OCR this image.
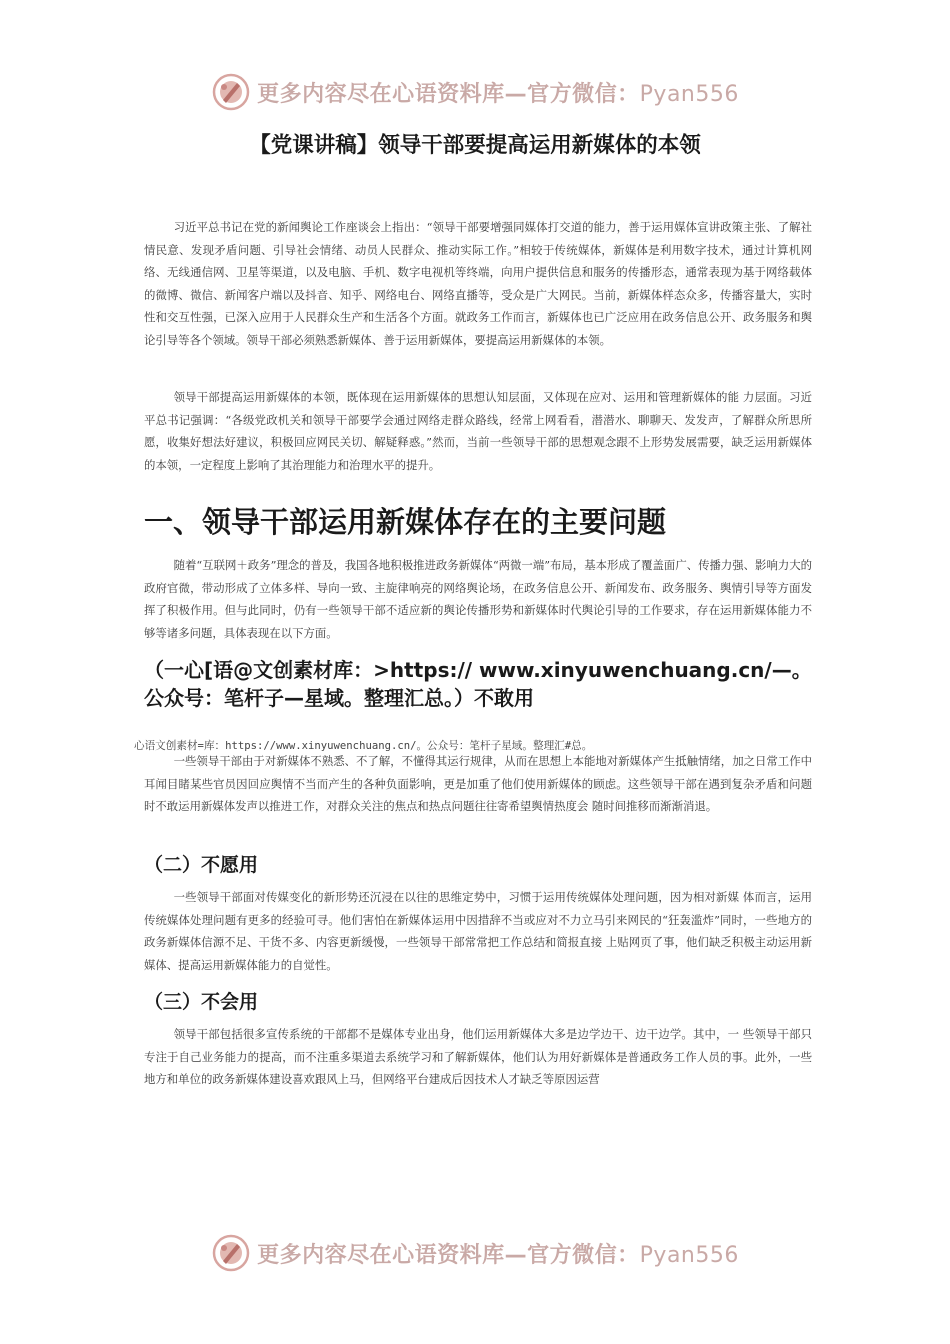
更多内容尽在心语资料库—官方微信：Pyan556
【党课讲稿】领导干部要提高运用新媒体的本领

习近平总书记在党的新闻舆论工作座谈会上指出：“领导干部要增强同媒体打交道的能力，善于运用媒体宣讲政策主张、了解社情民意、发现矛盾问题、引导社会情绪、动员人民群众、推动实际工作。”相较于传统媒体，新媒体是利用数字技术，通过计算机网络、无线通信网、卫星等渠道，以及电脑、手机、数字电视机等终端，向用户提供信息和服务的传播形态，通常表现为基于网络载体的微博、微信、新闻客户端以及抖音、知乎、网络电台、网络直播等，受众是广大网民。当前，新媒体样态众多，传播容量大，实时性和交互性强，已深入应用于人民群众生产和生活各个方面。就政务工作而言，新媒体也已广泛应用在政务信息公开、政务服务和舆论引导等各个领域。领导干部必须熟悉新媒体、善于运用新媒体，要提高运用新媒体的本领。

领导干部提高运用新媒体的本领，既体现在运用新媒体的思想认知层面，又体现在应对、运用和管理新媒体的能 力层面。习近平总书记强调：“各级党政机关和领导干部要学会通过网络走群众路线，经常上网看看，潜潜水、聊聊天、发发声，了解群众所思所愿，收集好想法好建议，积极回应网民关切、解疑释惑。”然而，当前一些领导干部的思想观念跟不上形势发展需要，缺乏运用新媒体的本领，一定程度上影响了其治理能力和治理水平的提升。

一、领导干部运用新媒体存在的主要问题

随着“互联网＋政务”理念的普及，我国各地积极推进政务新媒体“两微一端”布局，基本形成了覆盖面广、传播力强、影响力大的政府官微，带动形成了立体多样、导向一致、主旋律响亮的网络舆论场，在政务信息公开、新闻发布、政务服务、舆情引导等方面发挥了积极作用。但与此同时，仍有一些领导干部不适应新的舆论传播形势和新媒体时代舆论引导的工作要求，存在运用新媒体能力不够等诸多问题，具体表现在以下方面。

（一心[语@文创素材库：>https:// www.xinyuwenchuang.cn/—。公众号：笔杆子—星域。整理汇总。）不敢用

心语文创素材=库：https://www.xinyuwenchuang.cn/。公众号：笔杆子星域。整理汇#总。

一些领导干部由于对新媒体不熟悉、不了解，不懂得其运行规律，从而在思想上本能地对新媒体产生抵触情绪，加之日常工作中耳闻目睹某些官员因回应舆情不当而产生的各种负面影响，更是加重了他们使用新媒体的顾虑。这些领导干部在遇到复杂矛盾和问题时不敢运用新媒体发声以推进工作，对群众关注的焦点和热点问题往往寄希望舆情热度会 随时间推移而渐渐消退。

（二）不愿用

一些领导干部面对传媒变化的新形势还沉浸在以往的思维定势中，习惯于运用传统媒体处理问题，因为相对新媒 体而言，运用传统媒体处理问题有更多的经验可寻。他们害怕在新媒体运用中因措辞不当或应对不力立马引来网民的“狂轰滥炸”同时，一些地方的政务新媒体信源不足、干货不多、内容更新缓慢，一些领导干部常常把工作总结和简报直接 上贴网页了事，他们缺乏积极主动运用新媒体、提高运用新媒体能力的自觉性。

（三）不会用

领导干部包括很多宣传系统的干部都不是媒体专业出身，他们运用新媒体大多是边学边干、边干边学。其中，一 些领导干部只专注于自己业务能力的提高，而不注重多渠道去系统学习和了解新媒体，他们认为用好新媒体是普通政务工作人员的事。此外，一些地方和单位的政务新媒体建设喜欢跟风上马，但网络平台建成后因技术人才缺乏等原因运营

更多内容尽在心语资料库—官方微信：Pyan556
